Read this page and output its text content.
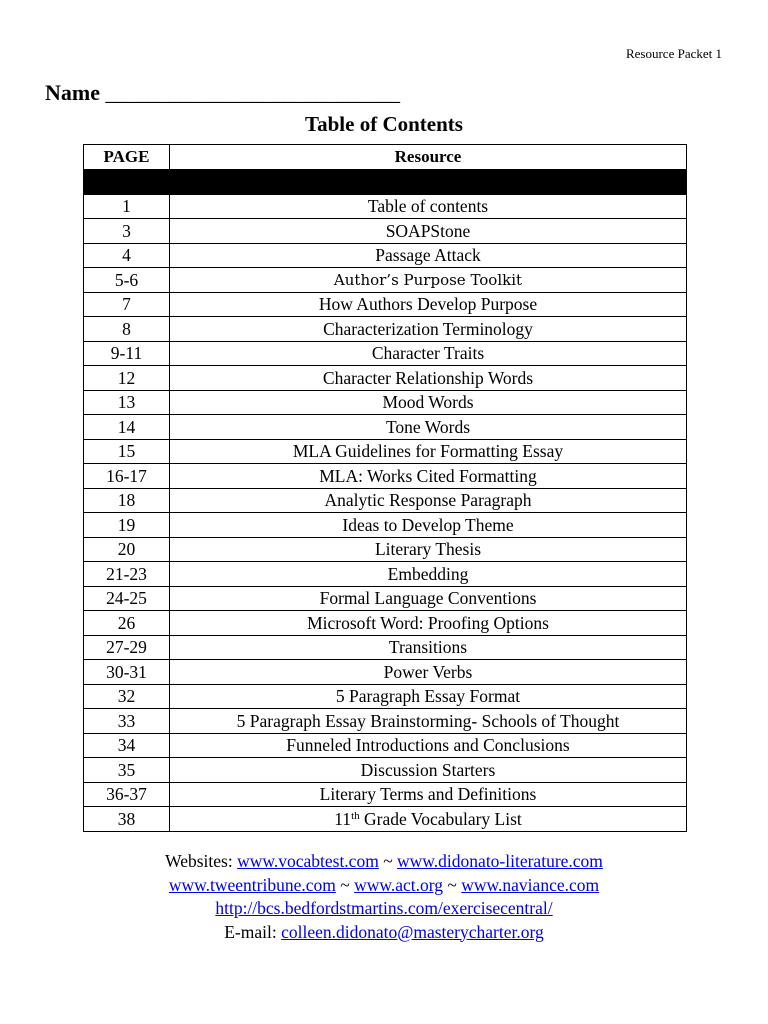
Resource Packet 1
Name ____________________________
Table of Contents
PAGE	Resource

1	Table of contents
3	SOAPStone
4	Passage Attack
5-6	Author’s Purpose Toolkit
7	How Authors Develop Purpose
8	Characterization Terminology
9-11	Character Traits
12	Character Relationship Words
13	Mood Words
14	Tone Words
15	MLA Guidelines for Formatting Essay
16-17	MLA: Works Cited Formatting
18	Analytic Response Paragraph
19	Ideas to Develop Theme
20	Literary Thesis
21-23	Embedding
24-25	Formal Language Conventions
26	Microsoft Word: Proofing Options
27-29	Transitions
30-31	Power Verbs
32	5 Paragraph Essay Format
33	5 Paragraph Essay Brainstorming- Schools of Thought
34	Funneled Introductions and Conclusions
35	Discussion Starters
36-37	Literary Terms and Definitions
38	11th Grade Vocabulary List
Websites: www.vocabtest.com ~ www.didonato-literature.com
www.tweentribune.com ~ www.act.org ~ www.naviance.com
http://bcs.bedfordstmartins.com/exercisecentral/
E-mail: colleen.didonato@masterycharter.org
